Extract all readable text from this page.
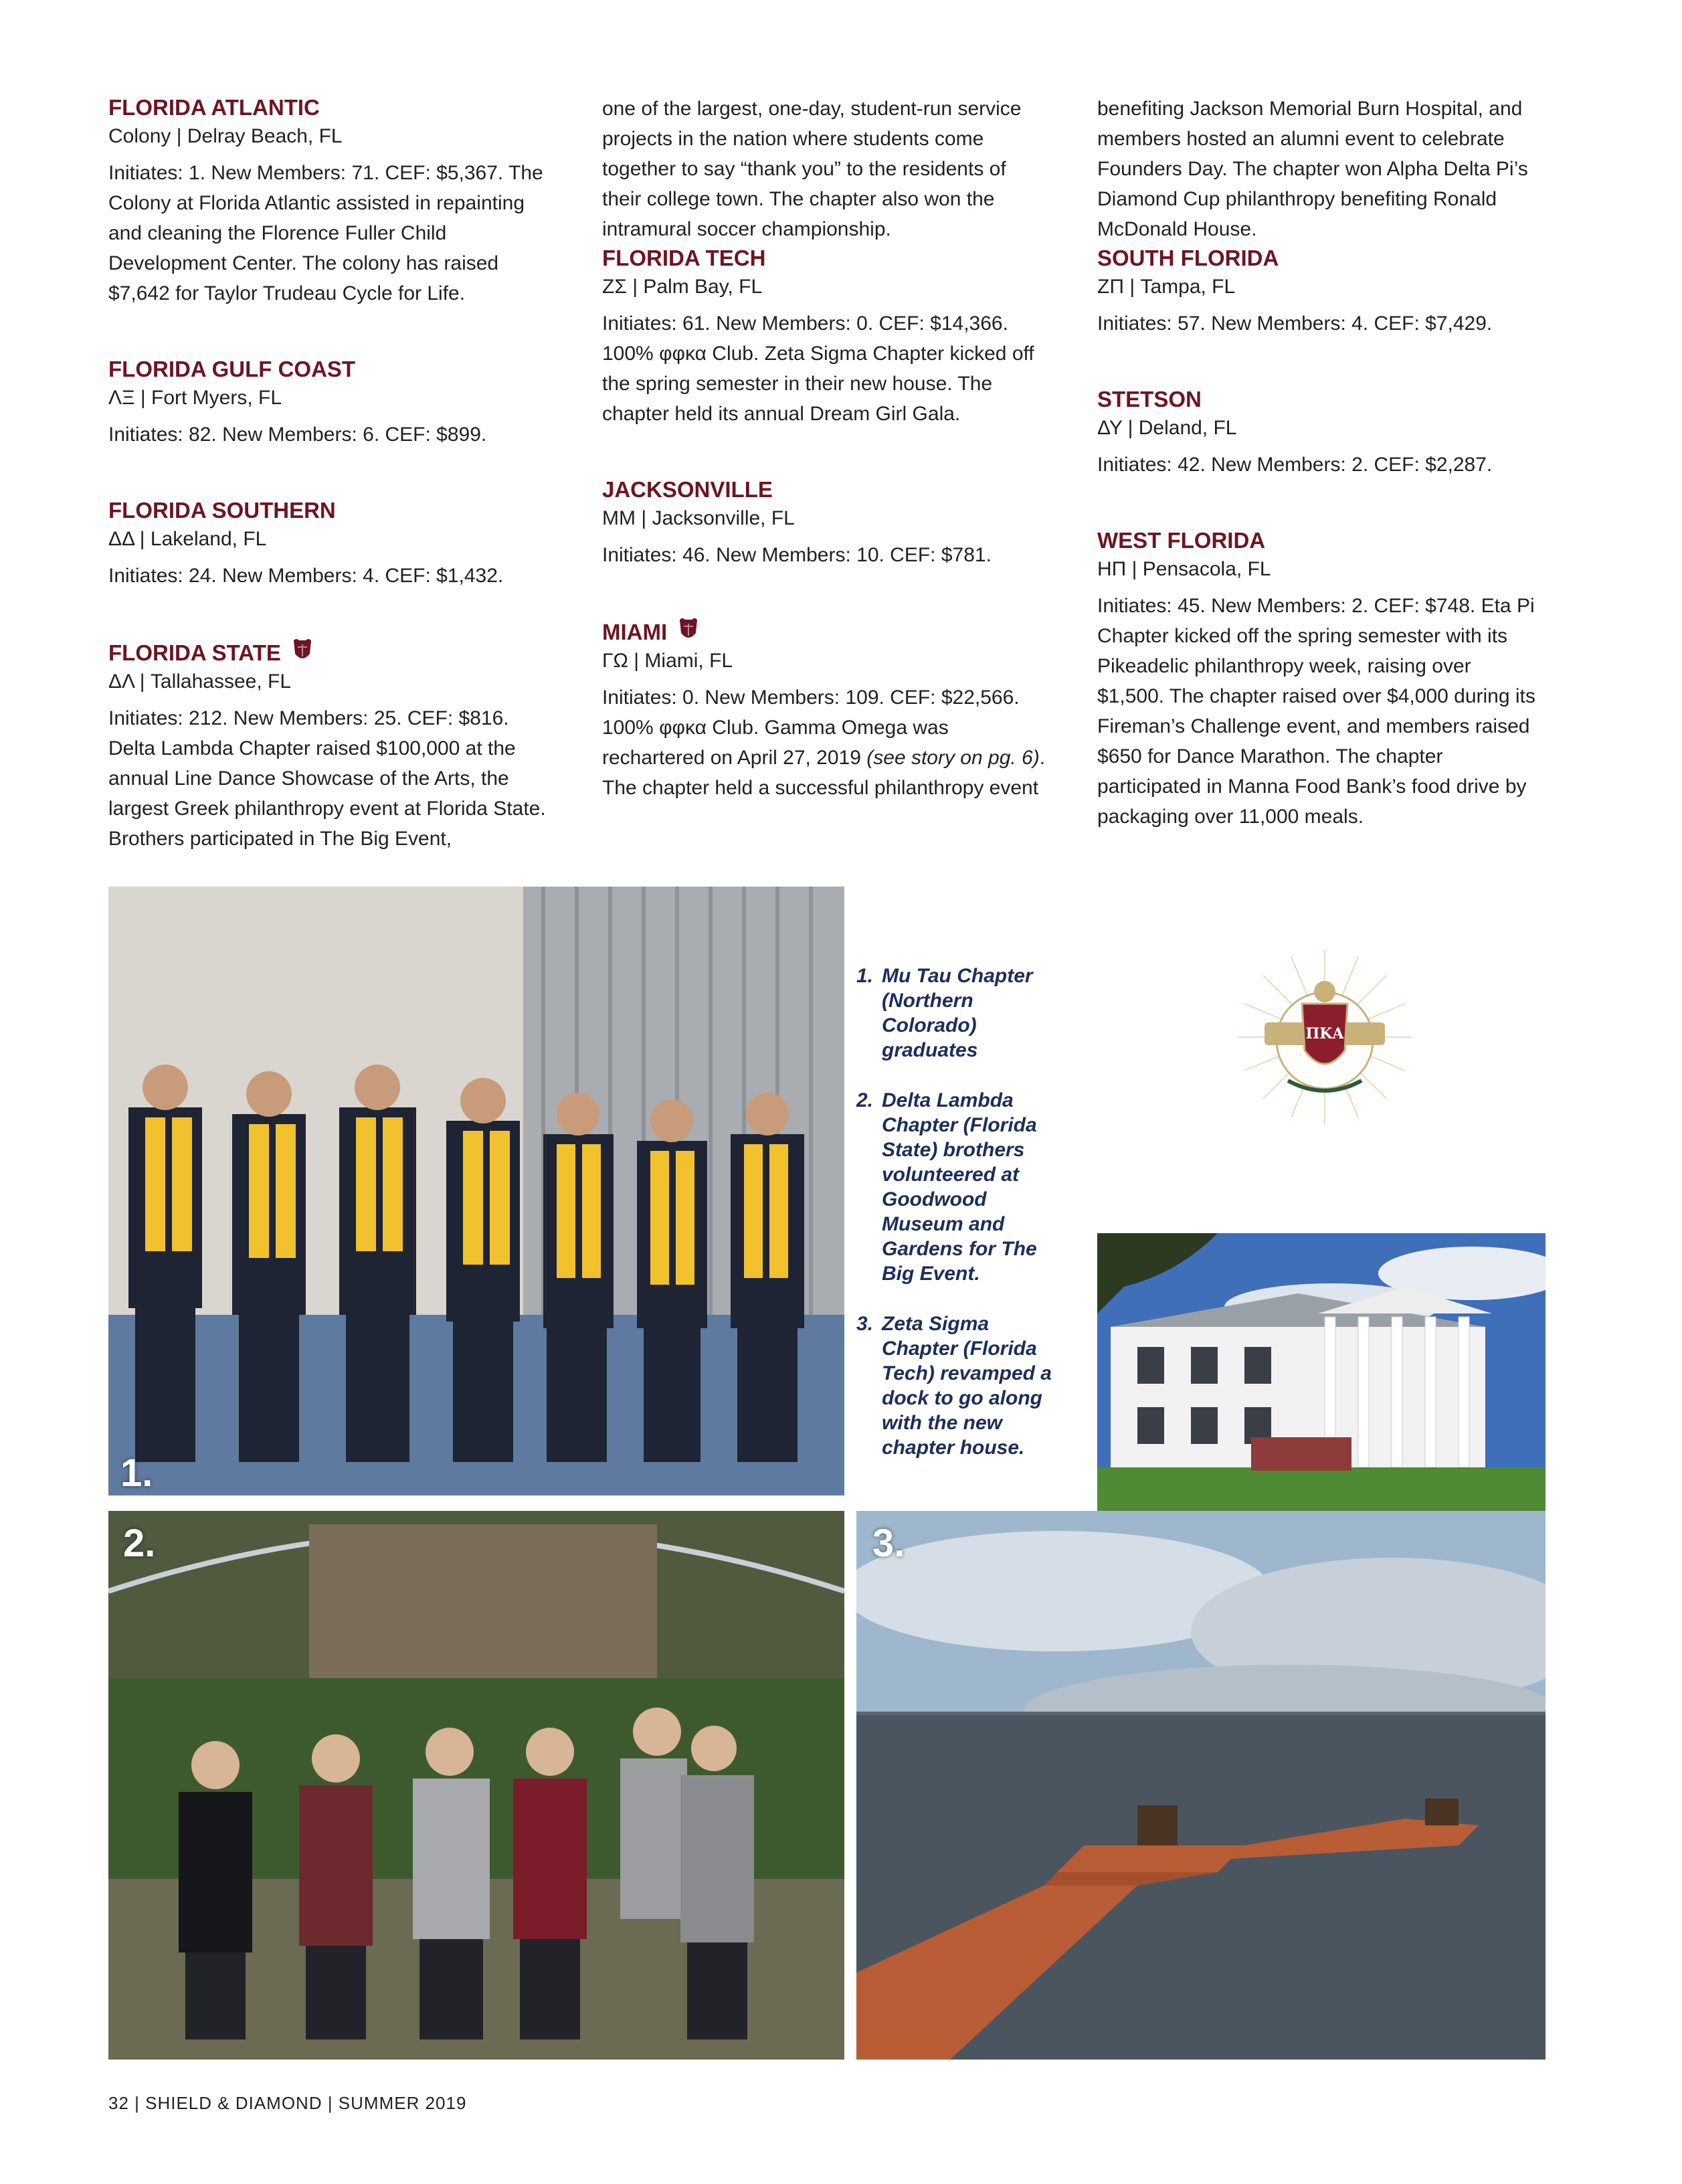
FLORIDA ATLANTIC

Colony | Delray Beach, FL

Initiates: 1. New Members: 71. CEF: $5,367. The Colony at Florida Atlantic assisted in repainting and cleaning the Florence Fuller Child Development Center. The colony has raised $7,642 for Taylor Trudeau Cycle for Life.

FLORIDA GULF COAST

ΛΞ | Fort Myers, FL

Initiates: 82. New Members: 6. CEF: $899.

FLORIDA SOUTHERN

ΔΔ | Lakeland, FL

Initiates: 24. New Members: 4. CEF: $1,432.

FLORIDA STATE

ΔΛ | Tallahassee, FL

Initiates: 212. New Members: 25. CEF: $816. Delta Lambda Chapter raised $100,000 at the annual Line Dance Showcase of the Arts, the largest Greek philanthropy event at Florida State. Brothers participated in The Big Event,

one of the largest, one-day, student-run service projects in the nation where students come together to say “thank you” to the residents of their college town. The chapter also won the intramural soccer championship.

FLORIDA TECH

ΖΣ | Palm Bay, FL

Initiates: 61. New Members: 0. CEF: $14,366. 100% φφκα Club. Zeta Sigma Chapter kicked off the spring semester in their new house. The chapter held its annual Dream Girl Gala.

JACKSONVILLE

MM | Jacksonville, FL

Initiates: 46. New Members: 10. CEF: $781.

MIAMI

ΓΩ | Miami, FL

Initiates: 0. New Members: 109. CEF: $22,566. 100% φφκα Club. Gamma Omega was rechartered on April 27, 2019 (see story on pg. 6). The chapter held a successful philanthropy event

benefiting Jackson Memorial Burn Hospital, and members hosted an alumni event to celebrate Founders Day. The chapter won Alpha Delta Pi’s Diamond Cup philanthropy benefiting Ronald McDonald House.

SOUTH FLORIDA

ΖΠ | Tampa, FL

Initiates: 57. New Members: 4. CEF: $7,429.

STETSON

ΔΥ | Deland, FL

Initiates: 42. New Members: 2. CEF: $2,287.

WEST FLORIDA

ΗΠ | Pensacola, FL

Initiates: 45. New Members: 2. CEF: $748. Eta Pi Chapter kicked off the spring semester with its Pikeadelic philanthropy week, raising over $1,500. The chapter raised over $4,000 during its Fireman’s Challenge event, and members raised $650 for Dance Marathon. The chapter participated in Manna Food Bank’s food drive by packaging over 11,000 meals.

1.
2.
1. Mu Tau Chapter (Northern Colorado) graduates
2. Delta Lambda Chapter (Florida State) brothers volunteered at Goodwood Museum and Gardens for The Big Event.
3. Zeta Sigma Chapter (Florida Tech) revamped a dock to go along with the new chapter house.
ΠΚΑ
3.
32 | SHIELD & DIAMOND | SUMMER 2019
